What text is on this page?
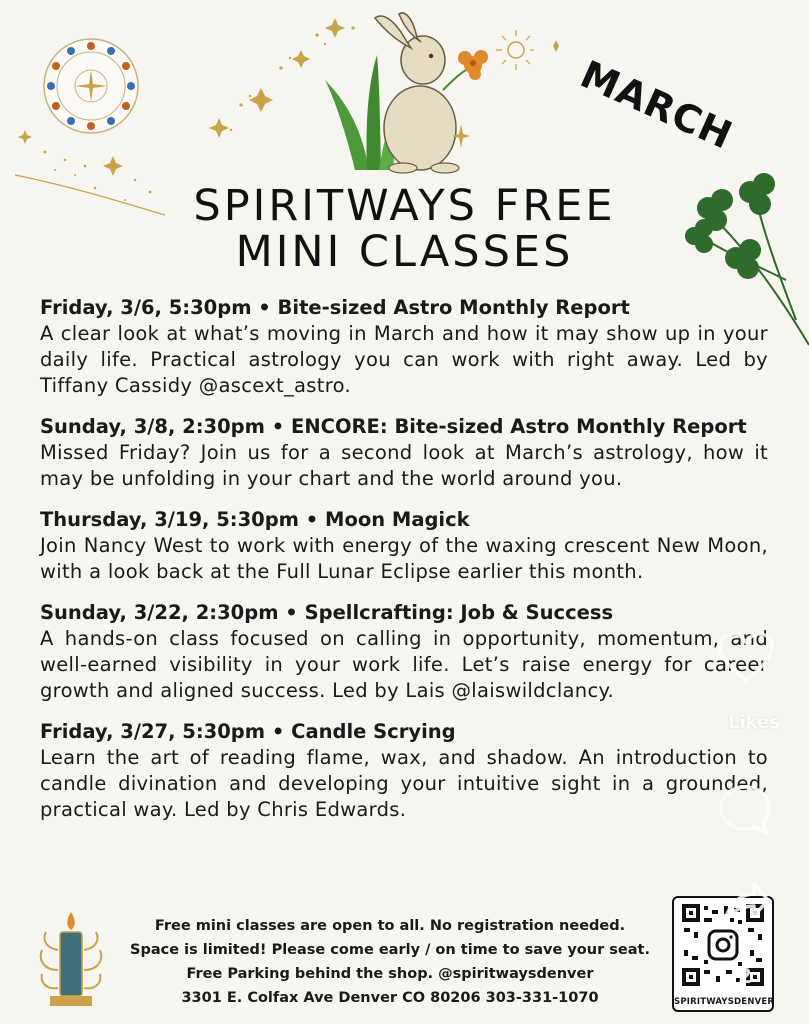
MARCH
SPIRITWAYS FREE
MINI CLASSES
Friday, 3/6, 5:30pm • Bite-sized Astro Monthly Report
A clear look at what’s moving in March and how it may show up in your daily life. Practical astrology you can work with right away. Led by Tiffany Cassidy @ascext_astro.
Sunday, 3/8, 2:30pm • ENCORE: Bite-sized Astro Monthly Report
Missed Friday? Join us for a second look at March’s astrology, how it may be unfolding in your chart and the world around you.
Thursday, 3/19, 5:30pm • Moon Magick
Join Nancy West to work with energy of the waxing crescent New Moon, with a look back at the Full Lunar Eclipse earlier this month.
Sunday, 3/22, 2:30pm • Spellcrafting: Job & Success
A hands-on class focused on calling in opportunity, momentum, and well-earned visibility in your work life. Let’s raise energy for career growth and aligned success. Led by Lais @laiswildclancy.
Friday, 3/27, 5:30pm • Candle Scrying
Learn the art of reading flame, wax, and shadow. An introduction to candle divination and developing your intuitive sight in a grounded, practical way. Led by Chris Edwards.
Free mini classes are open to all. No registration needed.
Space is limited! Please come early / on time to save your seat.
Free Parking behind the shop. @spiritwaysdenver
3301 E. Colfax Ave Denver CO 80206 303-331-1070	SPIRITWAYSDENVER
Likes
2
